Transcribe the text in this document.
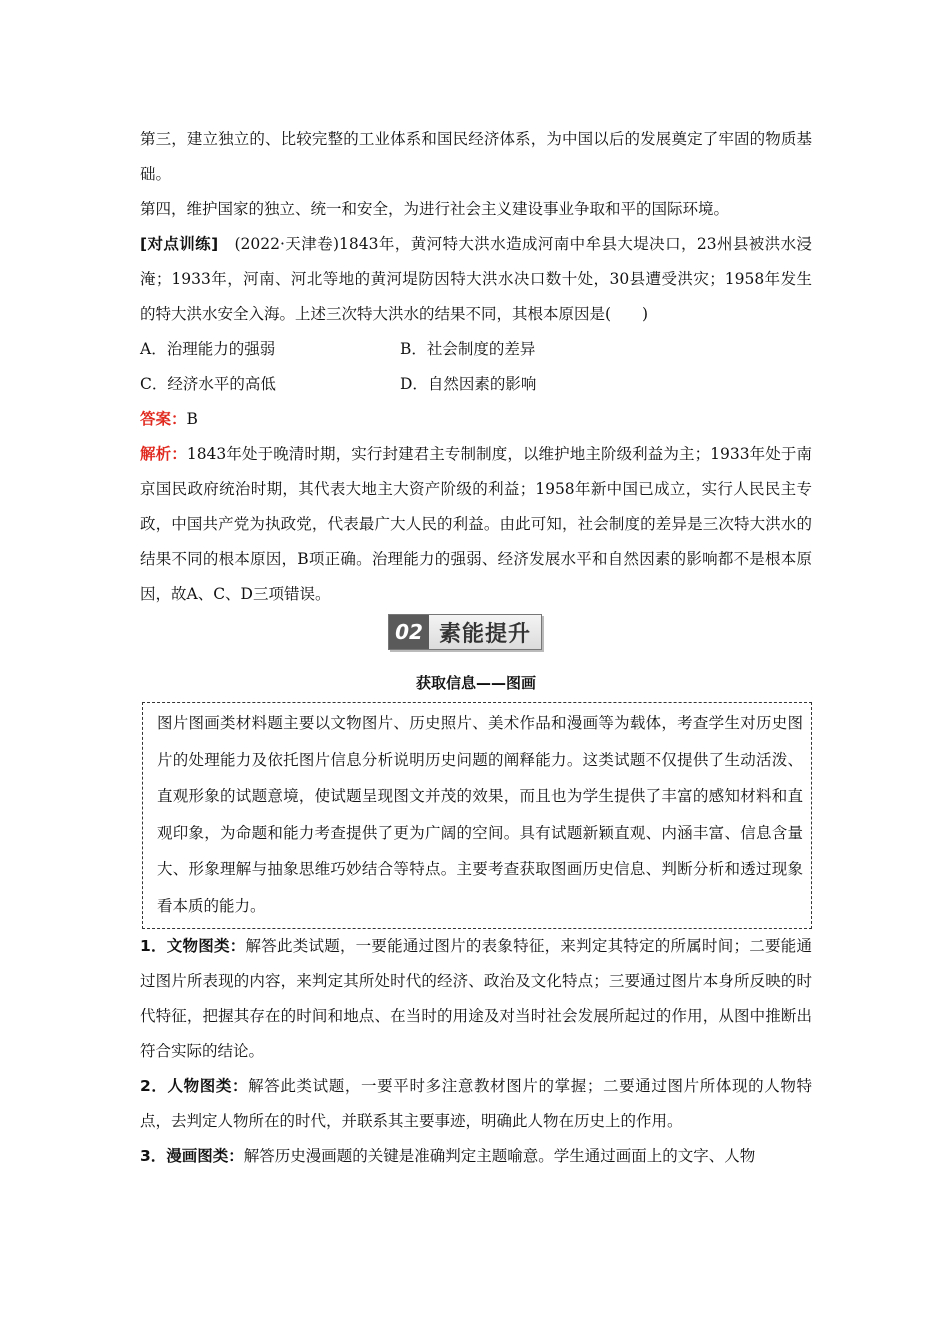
第三，建立独立的、比较完整的工业体系和国民经济体系，为中国以后的发展奠定了牢固的物质基础。

第四，维护国家的独立、统一和安全，为进行社会主义建设事业争取和平的国际环境。

[对点训练]　 (2022·天津卷)1843年，黄河特大洪水造成河南中牟县大堤决口，23州县被洪水浸淹；1933年，河南、河北等地的黄河堤防因特大洪水决口数十处，30县遭受洪灾；1958年发生的特大洪水安全入海。上述三次特大洪水的结果不同，其根本原因是(　　)

A．治理能力的强弱	B．社会制度的差异
C．经济水平的高低	D．自然因素的影响

答案：B

解析：1843年处于晚清时期，实行封建君主专制制度，以维护地主阶级利益为主；1933年处于南京国民政府统治时期，其代表大地主大资产阶级的利益；1958年新中国已成立，实行人民民主专政，中国共产党为执政党，代表最广大人民的利益。由此可知，社会制度的差异是三次特大洪水的结果不同的根本原因，B项正确。治理能力的强弱、经济发展水平和自然因素的影响都不是根本原因，故A、C、D三项错误。

02 素能提升
获取信息——图画

图片图画类材料题主要以文物图片、历史照片、美术作品和漫画等为载体，考查学生对历史图片的处理能力及依托图片信息分析说明历史问题的阐释能力。这类试题不仅提供了生动活泼、直观形象的试题意境，使试题呈现图文并茂的效果，而且也为学生提供了丰富的感知材料和直观印象，为命题和能力考查提供了更为广阔的空间。具有试题新颖直观、内涵丰富、信息含量大、形象理解与抽象思维巧妙结合等特点。主要考查获取图画历史信息、判断分析和透过现象看本质的能力。

1．文物图类：解答此类试题，一要能通过图片的表象特征，来判定其特定的所属时间；二要能通过图片所表现的内容，来判定其所处时代的经济、政治及文化特点；三要通过图片本身所反映的时代特征，把握其存在的时间和地点、在当时的用途及对当时社会发展所起过的作用，从图中推断出符合实际的结论。

2．人物图类：解答此类试题，一要平时多注意教材图片的掌握；二要通过图片所体现的人物特点，去判定人物所在的时代，并联系其主要事迹，明确此人物在历史上的作用。

3．漫画图类：解答历史漫画题的关键是准确判定主题喻意。学生通过画面上的文字、人物
